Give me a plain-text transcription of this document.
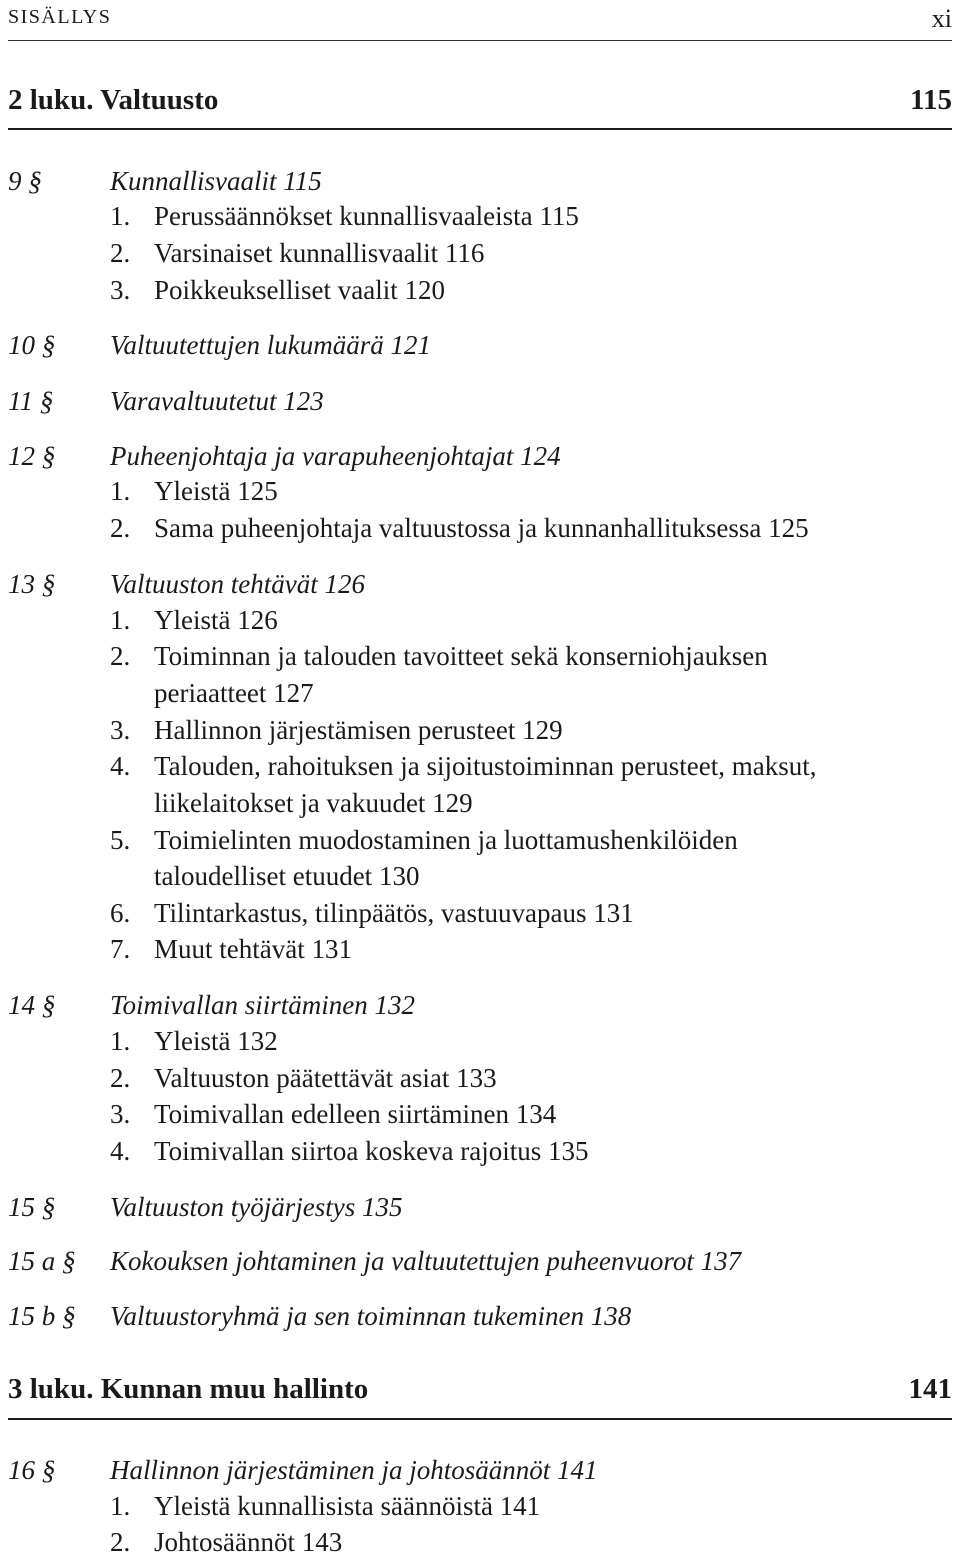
SISÄLLYS	xi
2 luku. Valtuusto	115
9 §	Kunnallisvaalit 115
1. Perussäännökset kunnallisvaaleista 115
2. Varsinaiset kunnallisvaalit 116
3. Poikkeukselliset vaalit 120
10 § Valtuutettujen lukumäärä 121
11 § Varavaltuutetut 123
12 § Puheenjohtaja ja varapuheenjohtajat 124
1. Yleistä 125
2. Sama puheenjohtaja valtuustossa ja kunnanhallituksessa 125
13 § Valtuuston tehtävät 126
1. Yleistä 126
2. Toiminnan ja talouden tavoitteet sekä konserniohjauksen
periaatteet 127
3. Hallinnon järjestämisen perusteet 129
4. Talouden, rahoituksen ja sijoitustoiminnan perusteet, maksut,
liikelaitokset ja vakuudet 129
5. Toimielinten muodostaminen ja luottamushenkilöiden
taloudelliset etuudet 130
6. Tilintarkastus, tilinpäätös, vastuuvapaus 131
7. Muut tehtävät 131
14 § Toimivallan siirtäminen 132
1. Yleistä 132
2. Valtuuston päätettävät asiat 133
3. Toimivallan edelleen siirtäminen 134
4. Toimivallan siirtoa koskeva rajoitus 135
15 § Valtuuston työjärjestys 135
15 a § Kokouksen johtaminen ja valtuutettujen puheenvuorot 137
15 b § Valtuustoryhmä ja sen toiminnan tukeminen 138
3 luku. Kunnan muu hallinto	141
16 § Hallinnon järjestäminen ja johtosäännöt 141
1. Yleistä kunnallisista säännöistä 141
2. Johtosäännöt 143
